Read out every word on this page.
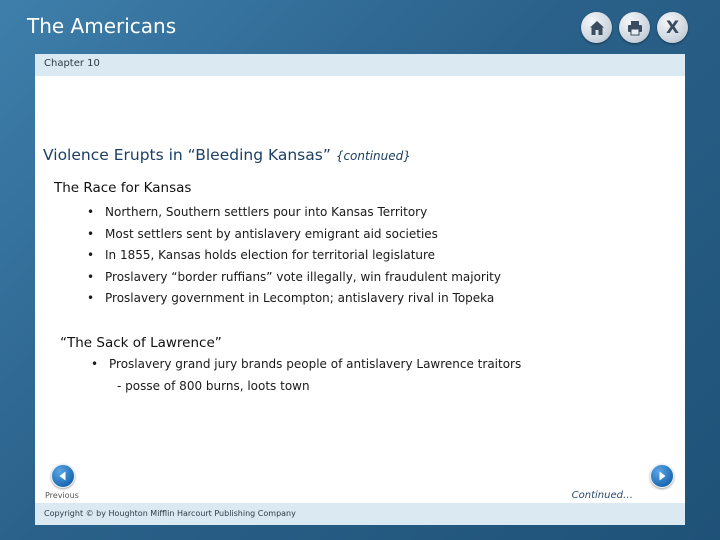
The Americans	X
Chapter 10
Violence Erupts in “Bleeding Kansas” {continued}
The Race for Kansas
• Northern, Southern settlers pour into Kansas Territory
• Most settlers sent by antislavery emigrant aid societies
• In 1855, Kansas holds election for territorial legislature
• Proslavery “border ruffians” vote illegally, win fraudulent majority
• Proslavery government in Lecompton; antislavery rival in Topeka
“The Sack of Lawrence”
• Proslavery grand jury brands people of antislavery Lawrence traitors
- posse of 800 burns, loots town
Previous	Continued… Next
Copyright © by Houghton Mifflin Harcourt Publishing Company
